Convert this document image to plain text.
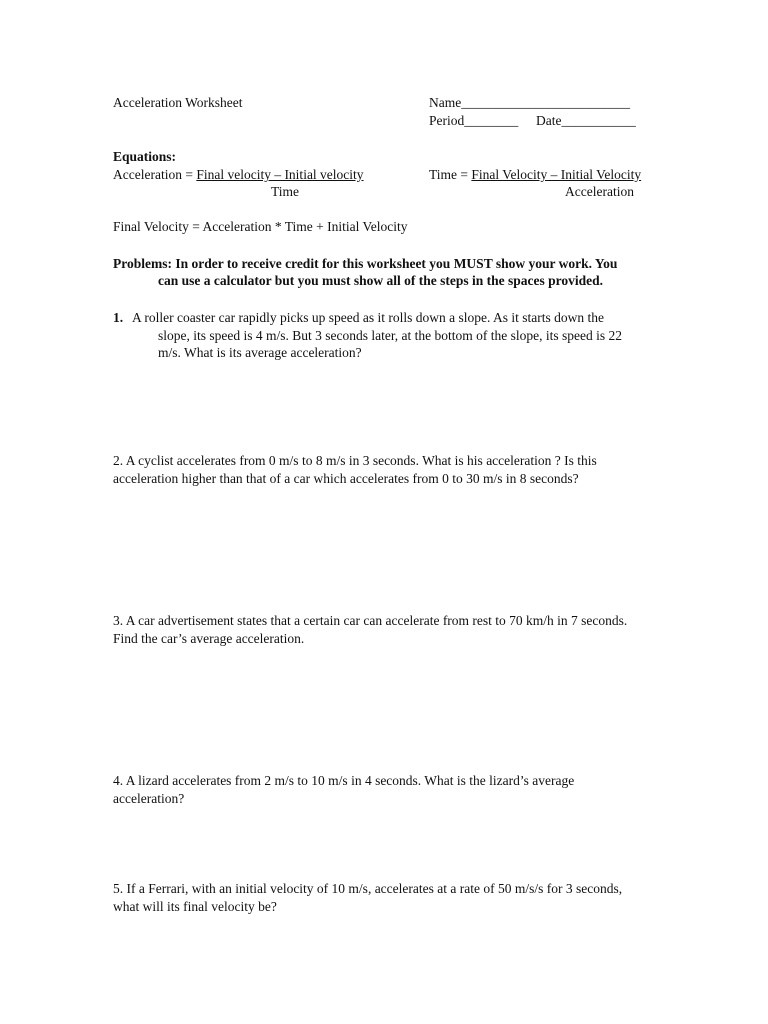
Acceleration Worksheet	Name_________________________
Period________ Date___________
Equations:
Acceleration = Final velocity – Initial velocity
Time
Time = Final Velocity – Initial Velocity
Acceleration
Final Velocity = Acceleration * Time + Initial Velocity
Problems: In order to receive credit for this worksheet you MUST show your work. You
can use a calculator but you must show all of the steps in the spaces provided.
1. A roller coaster car rapidly picks up speed as it rolls down a slope. As it starts down the
slope, its speed is 4 m/s. But 3 seconds later, at the bottom of the slope, its speed is 22
m/s. What is its average acceleration?
2. A cyclist accelerates from 0 m/s to 8 m/s in 3 seconds. What is his acceleration ? Is this
acceleration higher than that of a car which accelerates from 0 to 30 m/s in 8 seconds?
3. A car advertisement states that a certain car can accelerate from rest to 70 km/h in 7 seconds.
Find the car’s average acceleration.
4. A lizard accelerates from 2 m/s to 10 m/s in 4 seconds. What is the lizard’s average
acceleration?
5. If a Ferrari, with an initial velocity of 10 m/s, accelerates at a rate of 50 m/s/s for 3 seconds,
what will its final velocity be?
